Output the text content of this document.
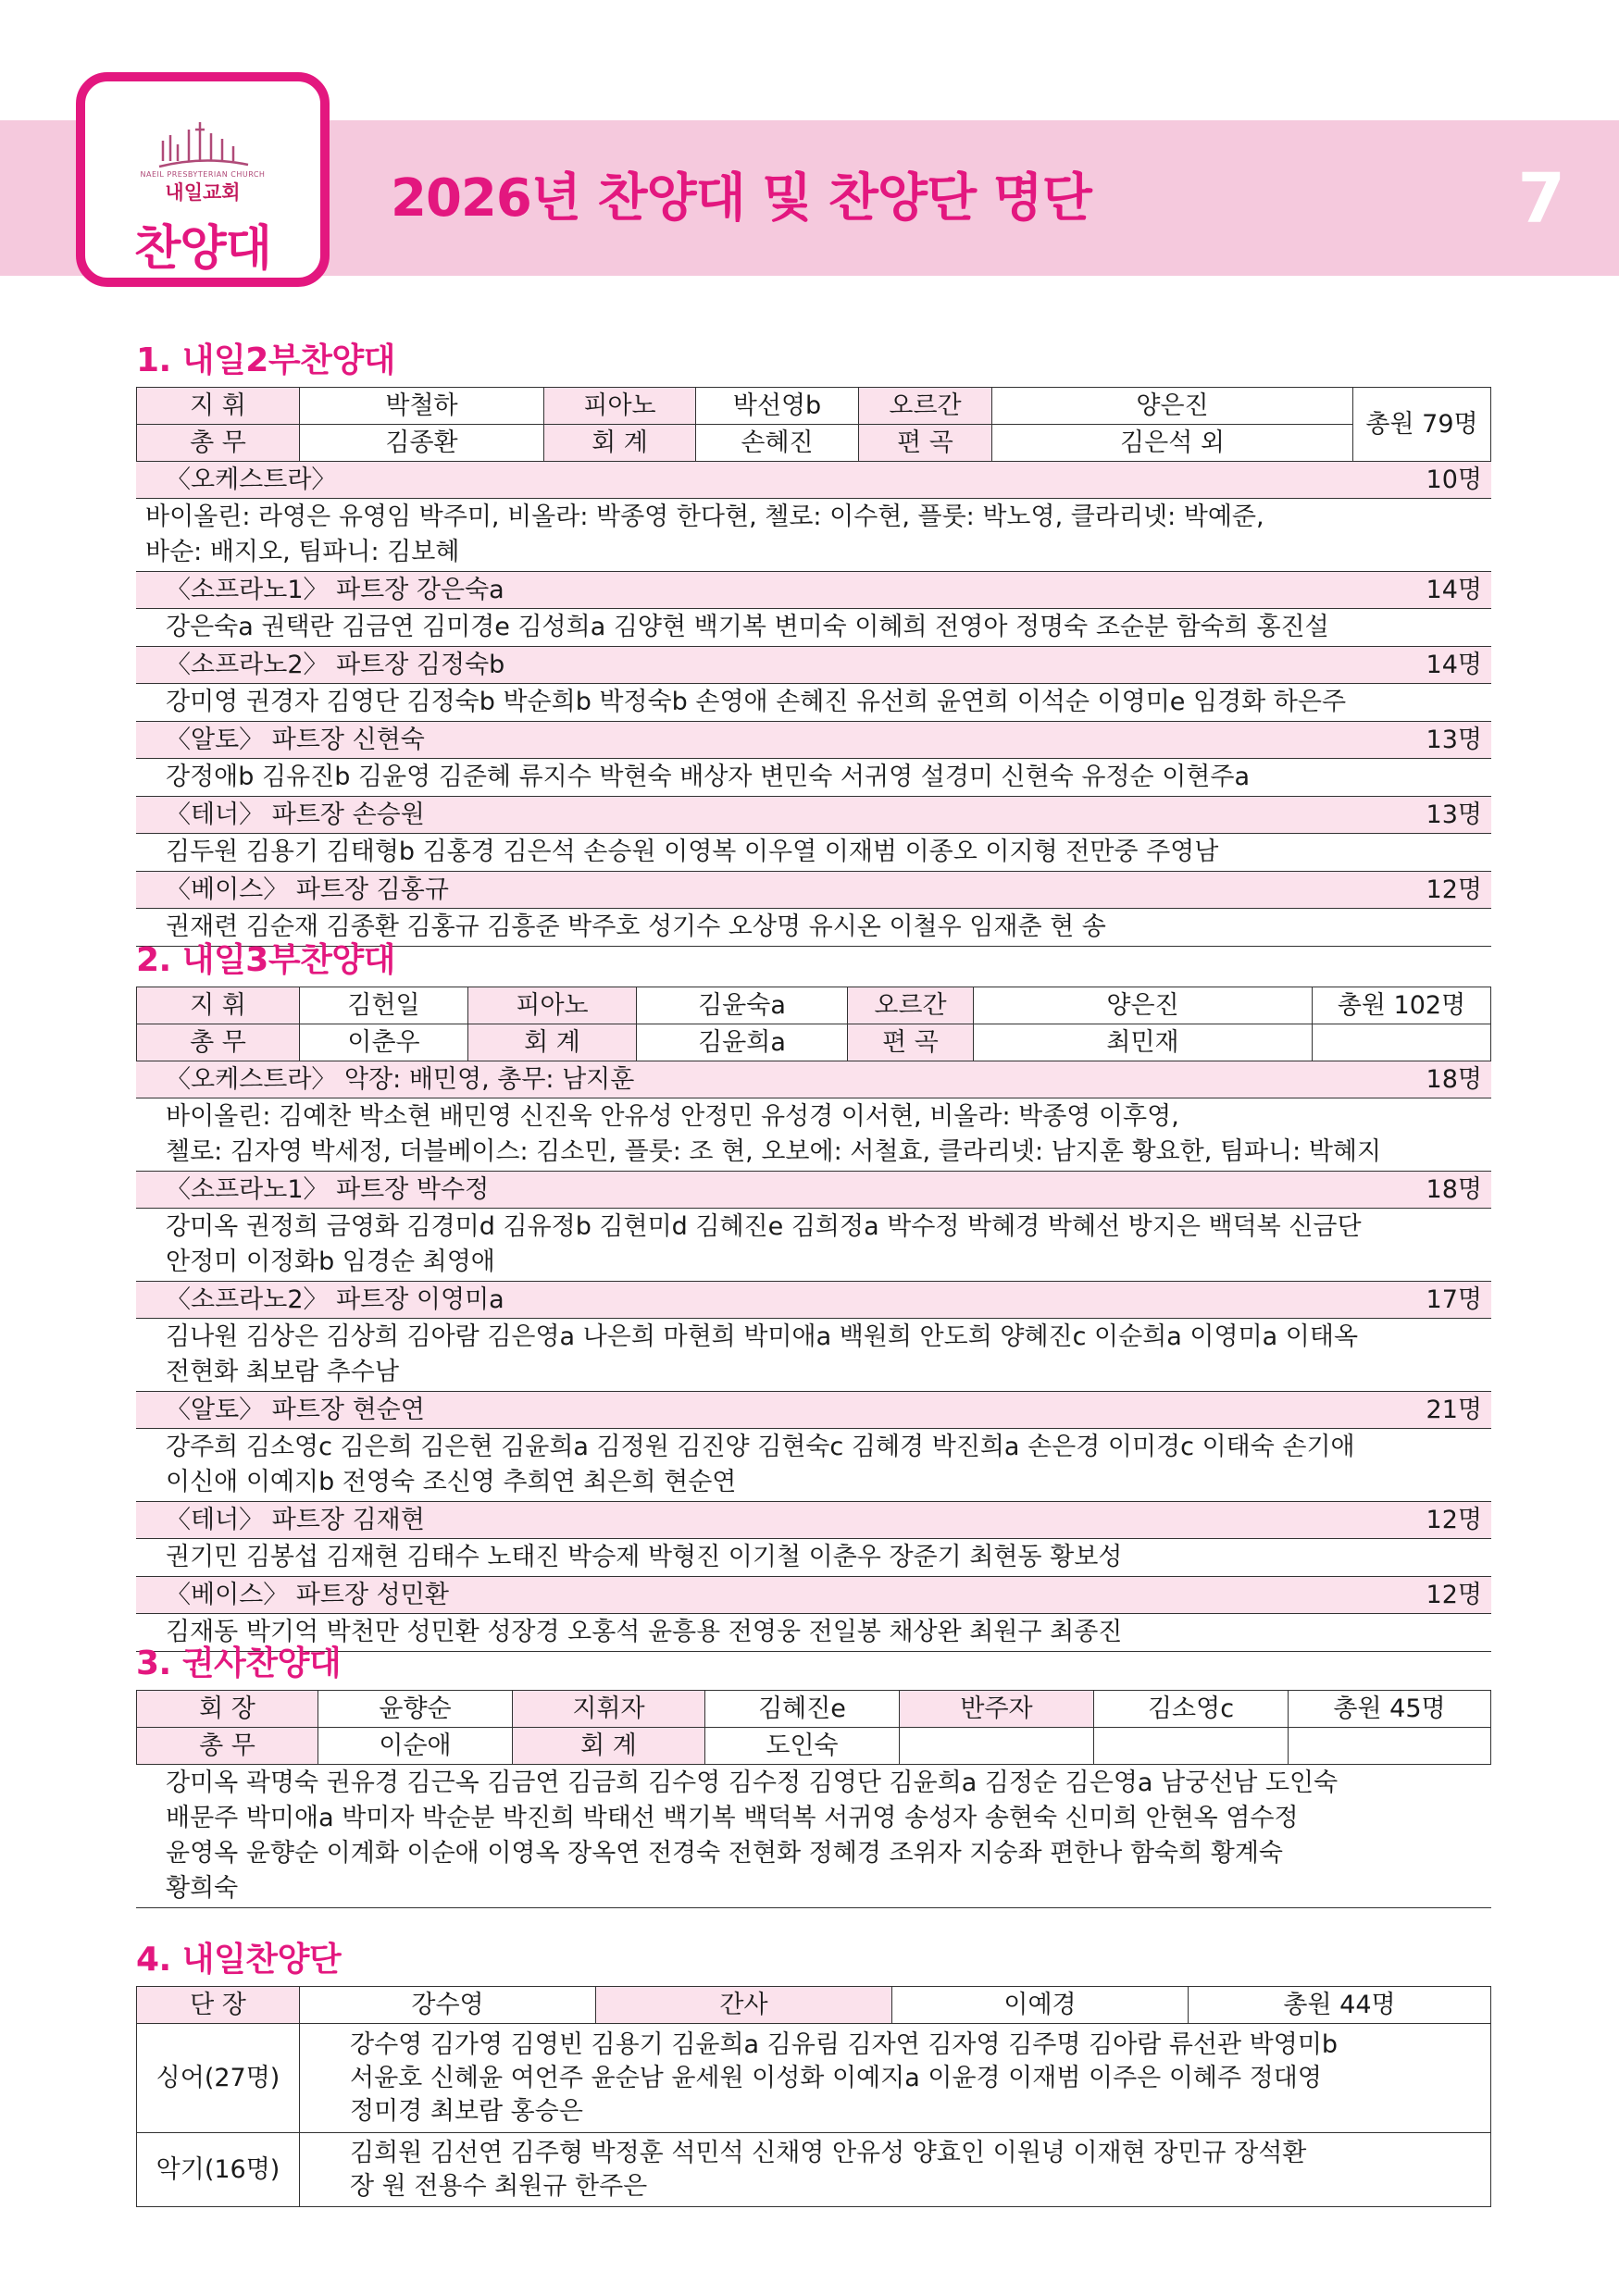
NAEIL PRESBYTERIAN CHURCH
내일교회
찬양대
2026년 찬양대 및 찬양단 명단	7
1. 내일2부찬양대
지 휘	박철하	피아노	박선영b	오르간	양은진	총원 79명
총 무	김종환	회 계	손혜진	편 곡	김은석 외	
〈오케스트라〉	10명
바이올린: 라영은 유영임 박주미, 비올라: 박종영 한다현, 첼로: 이수현, 플룻: 박노영, 클라리넷: 박예준,
바순: 배지오, 팀파니: 김보혜
〈소프라노1〉 파트장 강은숙a	14명
강은숙a 권택란 김금연 김미경e 김성희a 김양현 백기복 변미숙 이혜희 전영아 정명숙 조순분 함숙희 홍진설
〈소프라노2〉 파트장 김정숙b	14명
강미영 권경자 김영단 김정숙b 박순희b 박정숙b 손영애 손혜진 유선희 윤연희 이석순 이영미e 임경화 하은주
〈알토〉 파트장 신현숙	13명
강정애b 김유진b 김윤영 김준혜 류지수 박현숙 배상자 변민숙 서귀영 설경미 신현숙 유정순 이현주a
〈테너〉 파트장 손승원	13명
김두원 김용기 김태형b 김홍경 김은석 손승원 이영복 이우열 이재범 이종오 이지형 전만중 주영남
〈베이스〉 파트장 김홍규	12명
권재련 김순재 김종환 김홍규 김흥준 박주호 성기수 오상명 유시온 이철우 임재춘 현 송
2. 내일3부찬양대
지 휘	김헌일	피아노	김윤숙a	오르간	양은진	총원 102명
총 무	이춘우	회 계	김윤희a	편 곡	최민재	
〈오케스트라〉 악장: 배민영, 총무: 남지훈	18명
바이올린: 김예찬 박소현 배민영 신진욱 안유성 안정민 유성경 이서현, 비올라: 박종영 이후영,
첼로: 김자영 박세정, 더블베이스: 김소민, 플룻: 조 현, 오보에: 서철효, 클라리넷: 남지훈 황요한, 팀파니: 박혜지
〈소프라노1〉 파트장 박수정	18명
강미옥 권정희 금영화 김경미d 김유정b 김현미d 김혜진e 김희정a 박수정 박혜경 박혜선 방지은 백덕복 신금단
안정미 이정화b 임경순 최영애
〈소프라노2〉 파트장 이영미a	17명
김나원 김상은 김상희 김아람 김은영a 나은희 마현희 박미애a 백원희 안도희 양혜진c 이순희a 이영미a 이태옥
전현화 최보람 추수남
〈알토〉 파트장 현순연	21명
강주희 김소영c 김은희 김은현 김윤희a 김정원 김진양 김현숙c 김혜경 박진희a 손은경 이미경c 이태숙 손기애
이신애 이예지b 전영숙 조신영 추희연 최은희 현순연
〈테너〉 파트장 김재현	12명
권기민 김봉섭 김재현 김태수 노태진 박승제 박형진 이기철 이춘우 장준기 최현동 황보성
〈베이스〉 파트장 성민환	12명
김재동 박기억 박천만 성민환 성장경 오홍석 윤흥용 전영웅 전일봉 채상완 최원구 최종진
3. 권사찬양대
회 장	윤향순	지휘자	김혜진e	반주자	김소영c	총원 45명
총 무	이순애	회 계	도인숙			
강미옥 곽명숙 권유경 김근옥 김금연 김금희 김수영 김수정 김영단 김윤희a 김정순 김은영a 남궁선남 도인숙
배문주 박미애a 박미자 박순분 박진희 박태선 백기복 백덕복 서귀영 송성자 송현숙 신미희 안현옥 염수정
윤영옥 윤향순 이계화 이순애 이영옥 장옥연 전경숙 전현화 정혜경 조위자 지숭좌 편한나 함숙희 황계숙
황희숙
4. 내일찬양단
단 장	강수영	간사	이예경	총원 44명
싱어(27명)	강수영 김가영 김영빈 김용기 김윤희a 김유림 김자연 김자영 김주명 김아람 류선관 박영미b
서윤호 신혜윤 여언주 윤순남 윤세원 이성화 이예지a 이윤경 이재범 이주은 이혜주 정대영
정미경 최보람 홍승은			

악기(16명)	김희원 김선연 김주형 박정훈 석민석 신채영 안유성 양효인 이원녕 이재현 장민규 장석환
장 원 전용수 최원규 한주은			
